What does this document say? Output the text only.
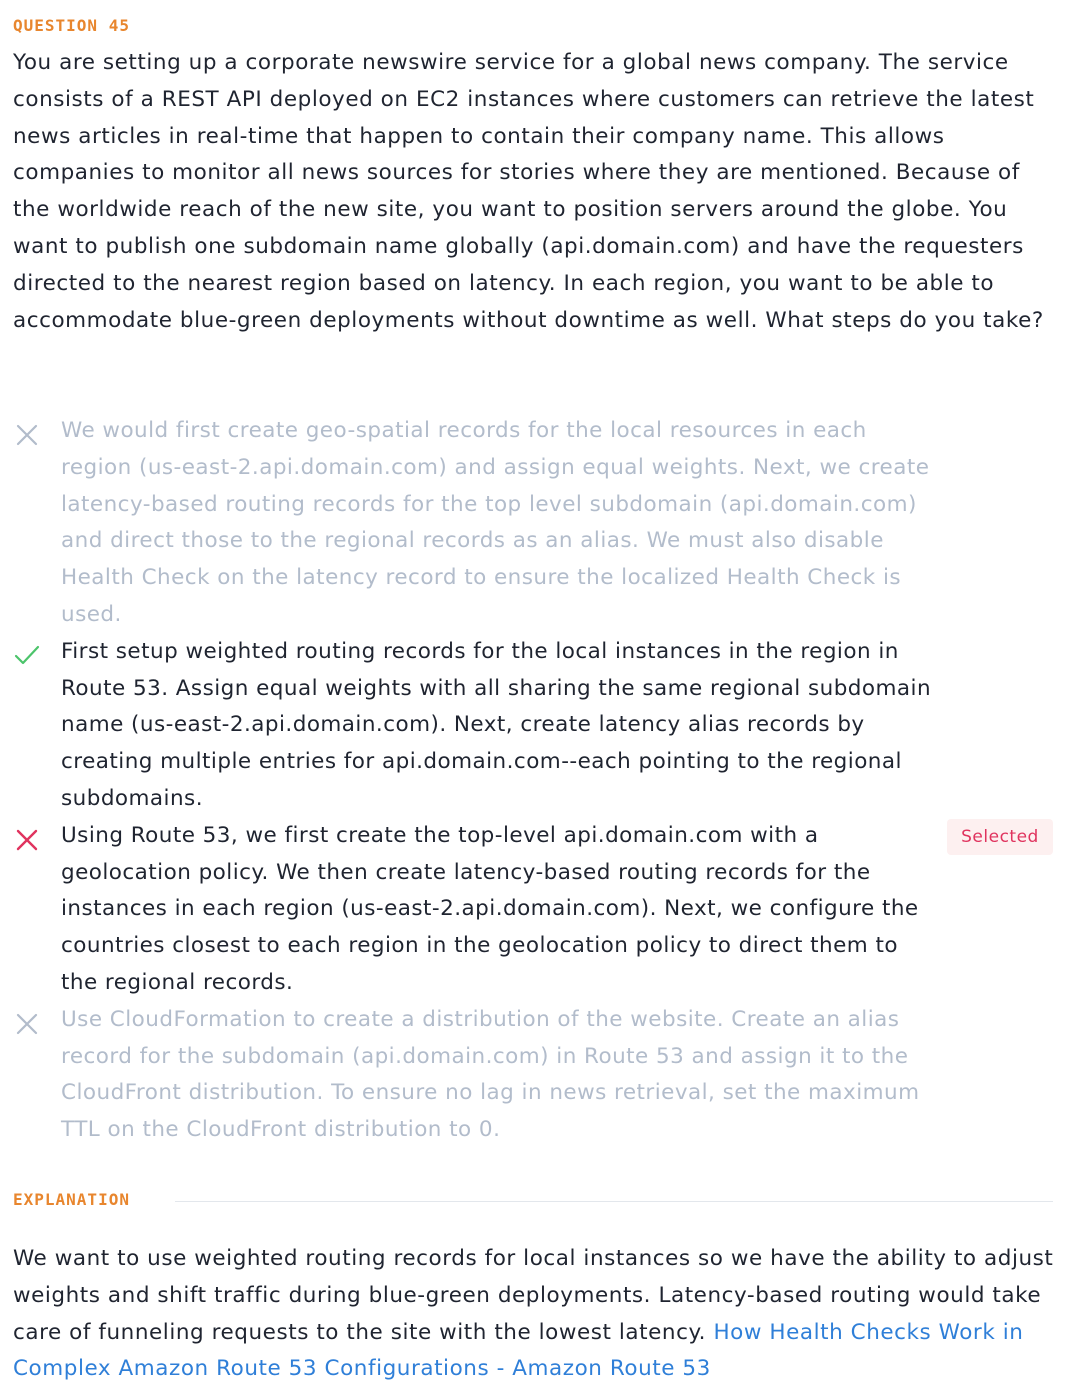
QUESTION 45
You are setting up a corporate newswire service for a global news company. The service consists of a REST API deployed on EC2 instances where customers can retrieve the latest news articles in real-time that happen to contain their company name. This allows companies to monitor all news sources for stories where they are mentioned. Because of the worldwide reach of the new site, you want to position servers around the globe. You want to publish one subdomain name globally (api.domain.com) and have the requesters directed to the nearest region based on latency. In each region, you want to be able to accommodate blue-green deployments without downtime as well. What steps do you take?
We would first create geo-spatial records for the local resources in each region (us-east-2.api.domain.com) and assign equal weights. Next, we create latency-based routing records for the top level subdomain (api.domain.com) and direct those to the regional records as an alias. We must also disable Health Check on the latency record to ensure the localized Health Check is used.
First setup weighted routing records for the local instances in the region in Route 53. Assign equal weights with all sharing the same regional subdomain name (us-east-2.api.domain.com). Next, create latency alias records by creating multiple entries for api.domain.com--each pointing to the regional subdomains.
Using Route 53, we first create the top-level api.domain.com with a geolocation policy. We then create latency-based routing records for the instances in each region (us-east-2.api.domain.com). Next, we configure the countries closest to each region in the geolocation policy to direct them to the regional records.
Use CloudFormation to create a distribution of the website. Create an alias record for the subdomain (api.domain.com) in Route 53 and assign it to the CloudFront distribution. To ensure no lag in news retrieval, set the maximum TTL on the CloudFront distribution to 0.
Selected
EXPLANATION
We want to use weighted routing records for local instances so we have the ability to adjust weights and shift traffic during blue-green deployments. Latency-based routing would take care of funneling requests to the site with the lowest latency. How Health Checks Work in Complex Amazon Route 53 Configurations - Amazon Route 53
